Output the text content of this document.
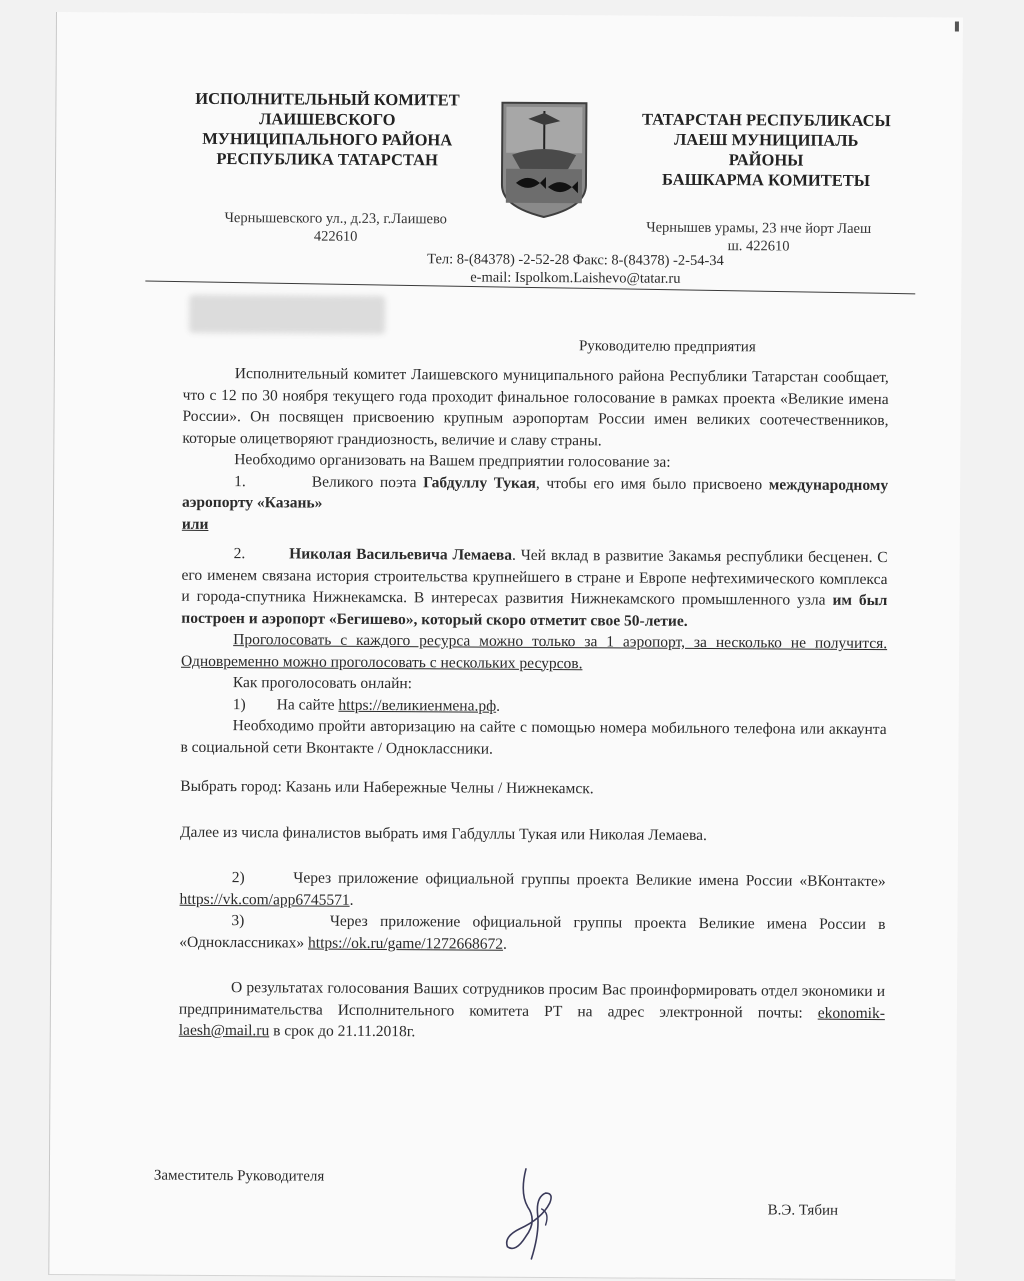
ИСПОЛНИТЕЛЬНЫЙ КОМИТЕТ
ЛАИШЕВСКОГО
МУНИЦИПАЛЬНОГО РАЙОНА
РЕСПУБЛИКА ТАТАРСТАН
ТАТАРСТАН РЕСПУБЛИКАСЫ
ЛАЕШ МУНИЦИПАЛЬ
РАЙОНЫ
БАШКАРМА КОМИТЕТЫ
Чернышевского ул., д.23, г.Лаишево
422610	Чернышев урамы, 23 нче йорт Лаеш
ш. 422610
Тел: 8-(84378) -2-52-28 Факс: 8-(84378) -2-54-34
e-mail: Ispolkom.Laishevo@tatar.ru
Руководителю предприятия

Исполнительный комитет Лаишевского муниципального района Республики Татарстан сообщает, что с 12 по 30 ноября текущего года проходит финальное голосование в рамках проекта «Великие имена России». Он посвящен присвоению крупным аэропортам России имен великих соотечественников, которые олицетворяют грандиозность, величие и славу страны.

Необходимо организовать на Вашем предприятии голосование за:

1.	Великого поэта Габдуллу Тукая, чтобы его имя было присвоено международному аэропорту «Казань»

или

2.	Николая Васильевича Лемаева. Чей вклад в развитие Закамья республики бесценен. С его именем связана история строительства крупнейшего в стране и Европе нефтехимического комплекса и города-спутника Нижнекамска. В интересах развития Нижнекамского промышленного узла им был построен и аэропорт «Бегишево», который скоро отметит свое 50-летие.

Проголосовать с каждого ресурса можно только за 1 аэропорт, за несколько не получится. Одновременно можно проголосовать с нескольких ресурсов.

Как проголосовать онлайн:

1) На сайте https://великиенмена.рф.

Необходимо пройти авторизацию на сайте с помощью номера мобильного телефона или аккаунта в социальной сети Вконтакте / Одноклассники.

Выбрать город: Казань или Набережные Челны / Нижнекамск.

Далее из числа финалистов выбрать имя Габдуллы Тукая или Николая Лемаева.

2)	Через приложение официальной группы проекта Великие имена России «ВКонтакте» https://vk.com/app6745571.

3)	Через приложение официальной группы проекта Великие имена России в «Одноклассниках» https://ok.ru/game/1272668672.

О результатах голосования Ваших сотрудников просим Вас проинформировать отдел экономики и предпринимательства Исполнительного комитета РТ на адрес электронной почты: ekonomik-laesh@mail.ru в срок до 21.11.2018г.

Заместитель Руководителя
В.Э. Тябин
